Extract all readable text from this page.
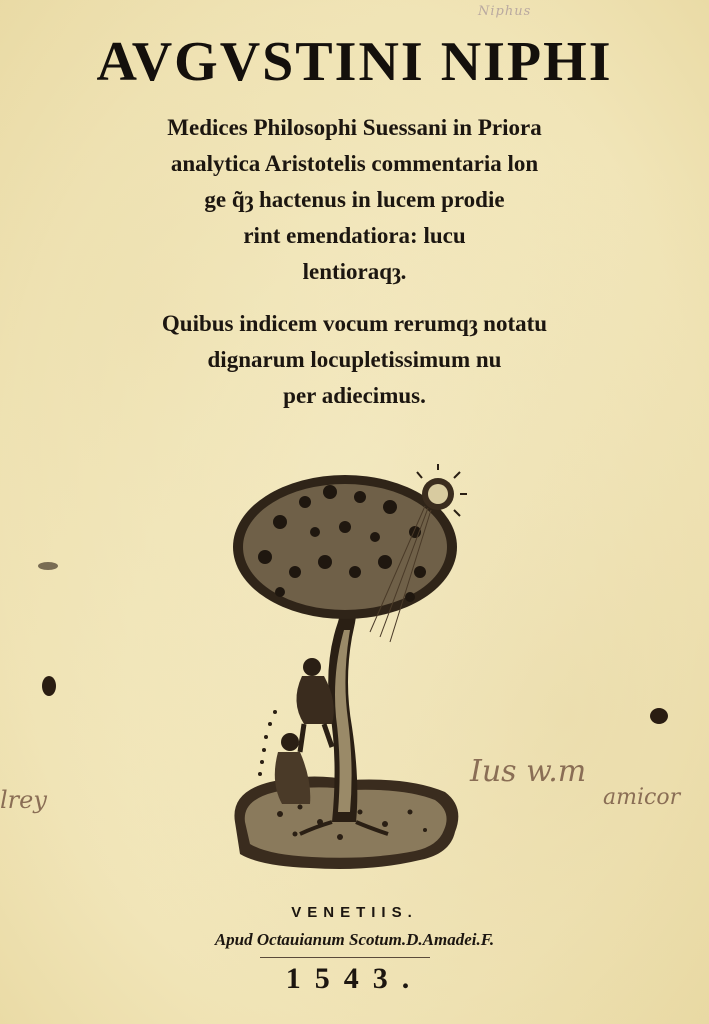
Niphus
AVGVSTINI NIPHI
Medices Philosophi Suessani in Priora
analytica Aristotelis commentaria lon
ge q̃ȝ hactenus in lucem prodie
rint emendatiora: lucu
lentioraqȝ.
Quibus indicem vocum rerumqȝ notatu
dignarum locupletissimum nu
per adiecimus.
lrey
Ius w.m
amicor
VENETIIS.
Apud Octauianum Scotum.D.Amadei.F.
1543.
